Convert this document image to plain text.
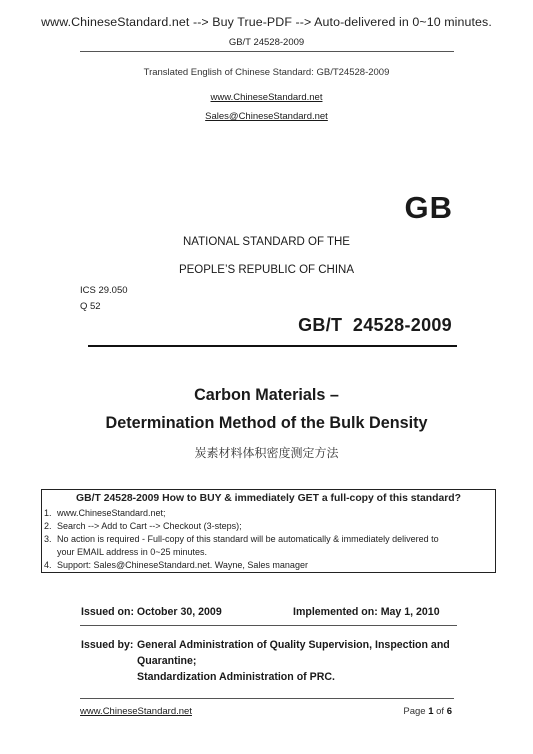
www.ChineseStandard.net --> Buy True-PDF --> Auto-delivered in 0~10 minutes.
GB/T 24528-2009
Translated English of Chinese Standard: GB/T24528-2009
www.ChineseStandard.net
Sales@ChineseStandard.net
GB
NATIONAL STANDARD OF THE
PEOPLE’S REPUBLIC OF CHINA
ICS 29.050
Q 52
GB/T  24528-2009
Carbon Materials –
Determination Method of the Bulk Density
炭素材料体积密度测定方法
GB/T 24528-2009 How to BUY & immediately GET a full-copy of this standard?
1. www.ChineseStandard.net;
2. Search --> Add to Cart --> Checkout (3-steps);
3. No action is required - Full-copy of this standard will be automatically & immediately delivered to
your EMAIL address in 0~25 minutes.
4. Support: Sales@ChineseStandard.net. Wayne, Sales manager
Issued on: October 30, 2009	Implemented on: May 1, 2010
Issued by: General Administration of Quality Supervision, Inspection and
Quarantine;
Standardization Administration of PRC.
www.ChineseStandard.net	Page 1 of 6
